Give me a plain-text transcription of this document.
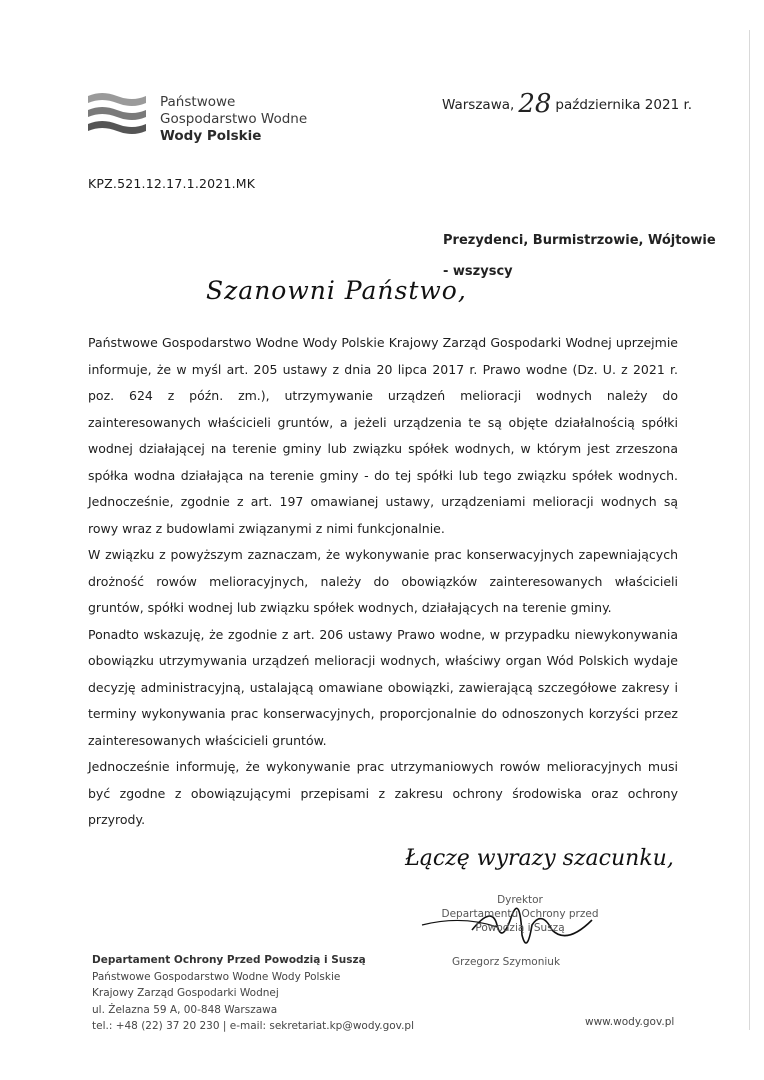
Państwowe
Gospodarstwo Wodne
Wody Polskie
Warszawa, 28 października 2021 r.
KPZ.521.12.17.1.2021.MK
Prezydenci, Burmistrzowie, Wójtowie
- wszyscy
Szanowni Państwo,

Państwowe Gospodarstwo Wodne Wody Polskie Krajowy Zarząd Gospodarki Wodnej uprzejmie informuje, że w myśl art. 205 ustawy z dnia 20 lipca 2017 r. Prawo wodne (Dz. U. z 2021 r. poz. 624 z późn. zm.), utrzymywanie urządzeń melioracji wodnych należy do zainteresowanych właścicieli gruntów, a jeżeli urządzenia te są objęte działalnością spółki wodnej działającej na terenie gminy lub związku spółek wodnych, w którym jest zrzeszona spółka wodna działająca na terenie gminy - do tej spółki lub tego związku spółek wodnych. Jednocześnie, zgodnie z art. 197 omawianej ustawy, urządzeniami melioracji wodnych są rowy wraz z budowlami związanymi z nimi funkcjonalnie.

W związku z powyższym zaznaczam, że wykonywanie prac konserwacyjnych zapewniających drożność rowów melioracyjnych, należy do obowiązków zainteresowanych właścicieli gruntów, spółki wodnej lub związku spółek wodnych, działających na terenie gminy.

Ponadto wskazuję, że zgodnie z art. 206 ustawy Prawo wodne, w przypadku niewykonywania obowiązku utrzymywania urządzeń melioracji wodnych, właściwy organ Wód Polskich wydaje decyzję administracyjną, ustalającą omawiane obowiązki, zawierającą szczegółowe zakresy i terminy wykonywania prac konserwacyjnych, proporcjonalnie do odnoszonych korzyści przez zainteresowanych właścicieli gruntów.

Jednocześnie informuję, że wykonywanie prac utrzymaniowych rowów melioracyjnych musi być zgodne z obowiązującymi przepisami z zakresu ochrony środowiska oraz ochrony przyrody.

Łączę wyrazy szacunku,
Dyrektor
Departamentu Ochrony przed
Powodzią i Suszą
Grzegorz Szymoniuk
Departament Ochrony Przed Powodzią i Suszą
Państwowe Gospodarstwo Wodne Wody Polskie
Krajowy Zarząd Gospodarki Wodnej
ul. Żelazna 59 A, 00-848 Warszawa
tel.: +48 (22) 37 20 230 | e-mail: sekretariat.kp@wody.gov.pl	www.wody.gov.pl
